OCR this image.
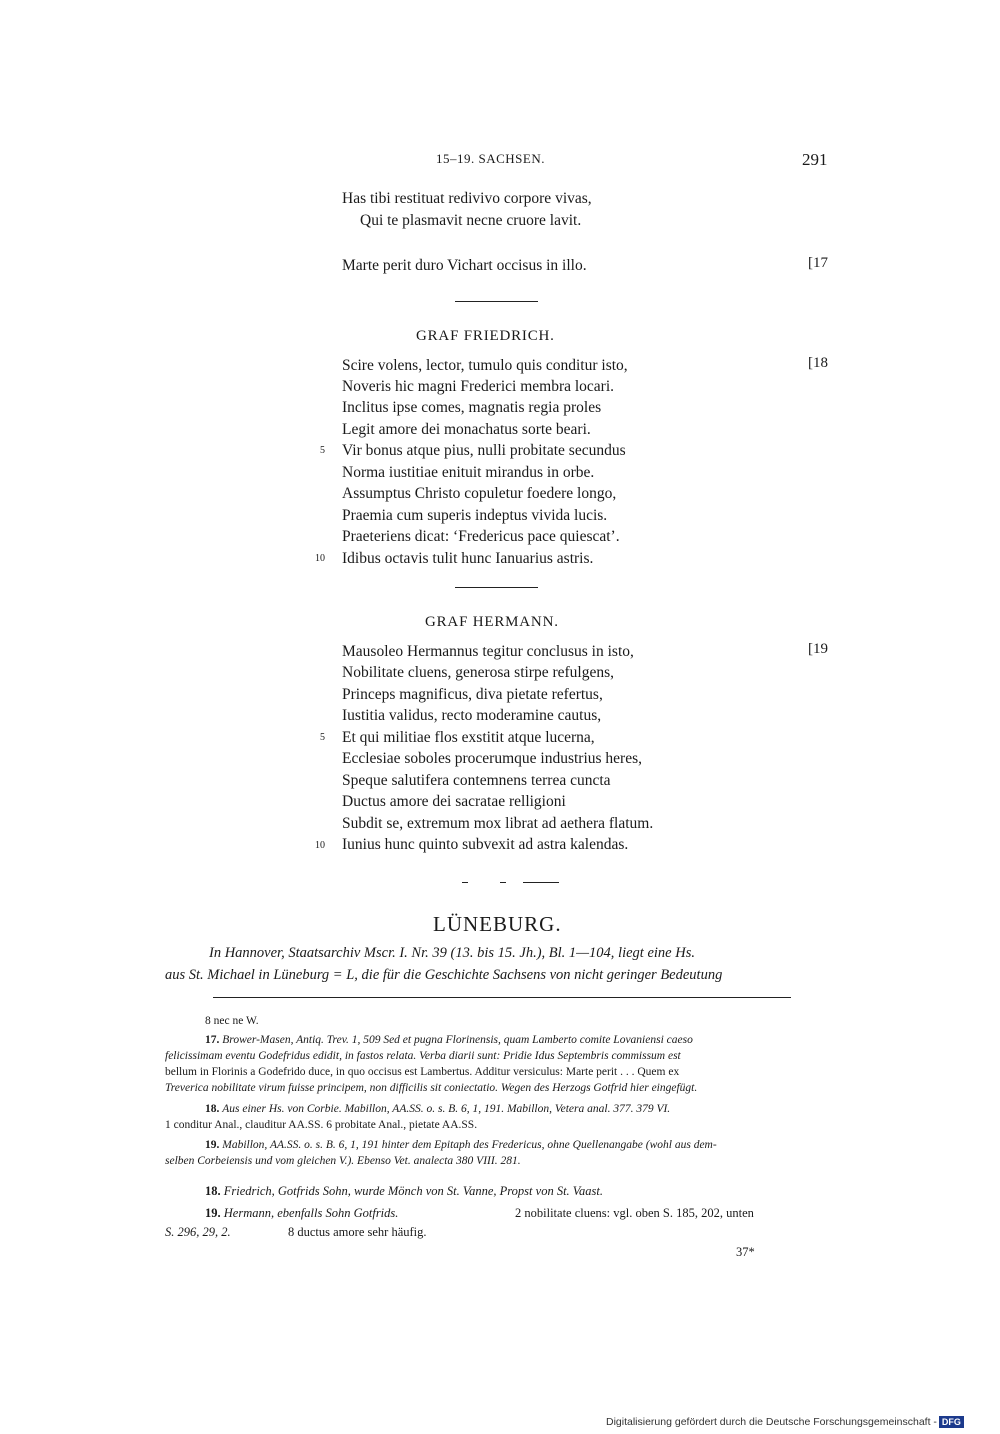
15–19. SACHSEN.	291
Has tibi restituat redivivo corpore vivas,
Qui te plasmavit necne cruore lavit.
Marte perit duro Vichart occisus in illo.	[17
GRAF FRIEDRICH.
[18
Scire volens, lector, tumulo quis conditur isto,
Noveris hic magni Frederici membra locari.
Inclitus ipse comes, magnatis regia proles
Legit amore dei monachatus sorte beari.
5 Vir bonus atque pius, nulli probitate secundus
Norma iustitiae enituit mirandus in orbe.
Assumptus Christo copuletur foedere longo,
Praemia cum superis indeptus vivida lucis.
Praeteriens dicat: ‘Fredericus pace quiescat’.
10 Idibus octavis tulit hunc Ianuarius astris.
GRAF HERMANN.
[19
Mausoleo Hermannus tegitur conclusus in isto,
Nobilitate cluens, generosa stirpe refulgens,
Princeps magnificus, diva pietate refertus,
Iustitia validus, recto moderamine cautus,
5 Et qui militiae flos exstitit atque lucerna,
Ecclesiae soboles procerumque industrius heres,
Speque salutifera contemnens terrea cuncta
Ductus amore dei sacratae relligioni
Subdit se, extremum mox librat ad aethera flatum.
10 Iunius hunc quinto subvexit ad astra kalendas.
LÜNEBURG.
In Hannover, Staatsarchiv Mscr. I. Nr. 39 (13. bis 15. Jh.), Bl. 1—104, liegt eine Hs.
aus St. Michael in Lüneburg = L, die für die Geschichte Sachsens von nicht geringer Bedeutung
8 nec ne W.
17. Brower-Masen, Antiq. Trev. 1, 509 Sed et pugna Florinensis, quam Lamberto comite Lovaniensi caeso
felicissimam eventu Godefridus edidit, in fastos relata. Verba diarii sunt: Pridie Idus Septembris commissum est
bellum in Florinis a Godefrido duce, in quo occisus est Lambertus. Additur versiculus: Marte perit . . . Quem ex
Treverica nobilitate virum fuisse principem, non difficilis sit coniectatio. Wegen des Herzogs Gotfrid hier eingefügt.
18. Aus einer Hs. von Corbie. Mabillon, AA.SS. o. s. B. 6, 1, 191. Mabillon, Vetera anal. 377. 379 VI.
1 conditur Anal., clauditur AA.SS. 6 probitate Anal., pietate AA.SS.
19. Mabillon, AA.SS. o. s. B. 6, 1, 191 hinter dem Epitaph des Fredericus, ohne Quellenangabe (wohl aus dem-
selben Corbeiensis und vom gleichen V.). Ebenso Vet. analecta 380 VIII. 281.
18. Friedrich, Gotfrids Sohn, wurde Mönch von St. Vanne, Propst von St. Vaast.
19. Hermann, ebenfalls Sohn Gotfrids.	2 nobilitate cluens: vgl. oben S. 185, 202, unten
S. 296, 29, 2.	8 ductus amore sehr häufig.
37*
Digitalisierung gefördert durch die Deutsche Forschungsgemeinschaft - DFG
